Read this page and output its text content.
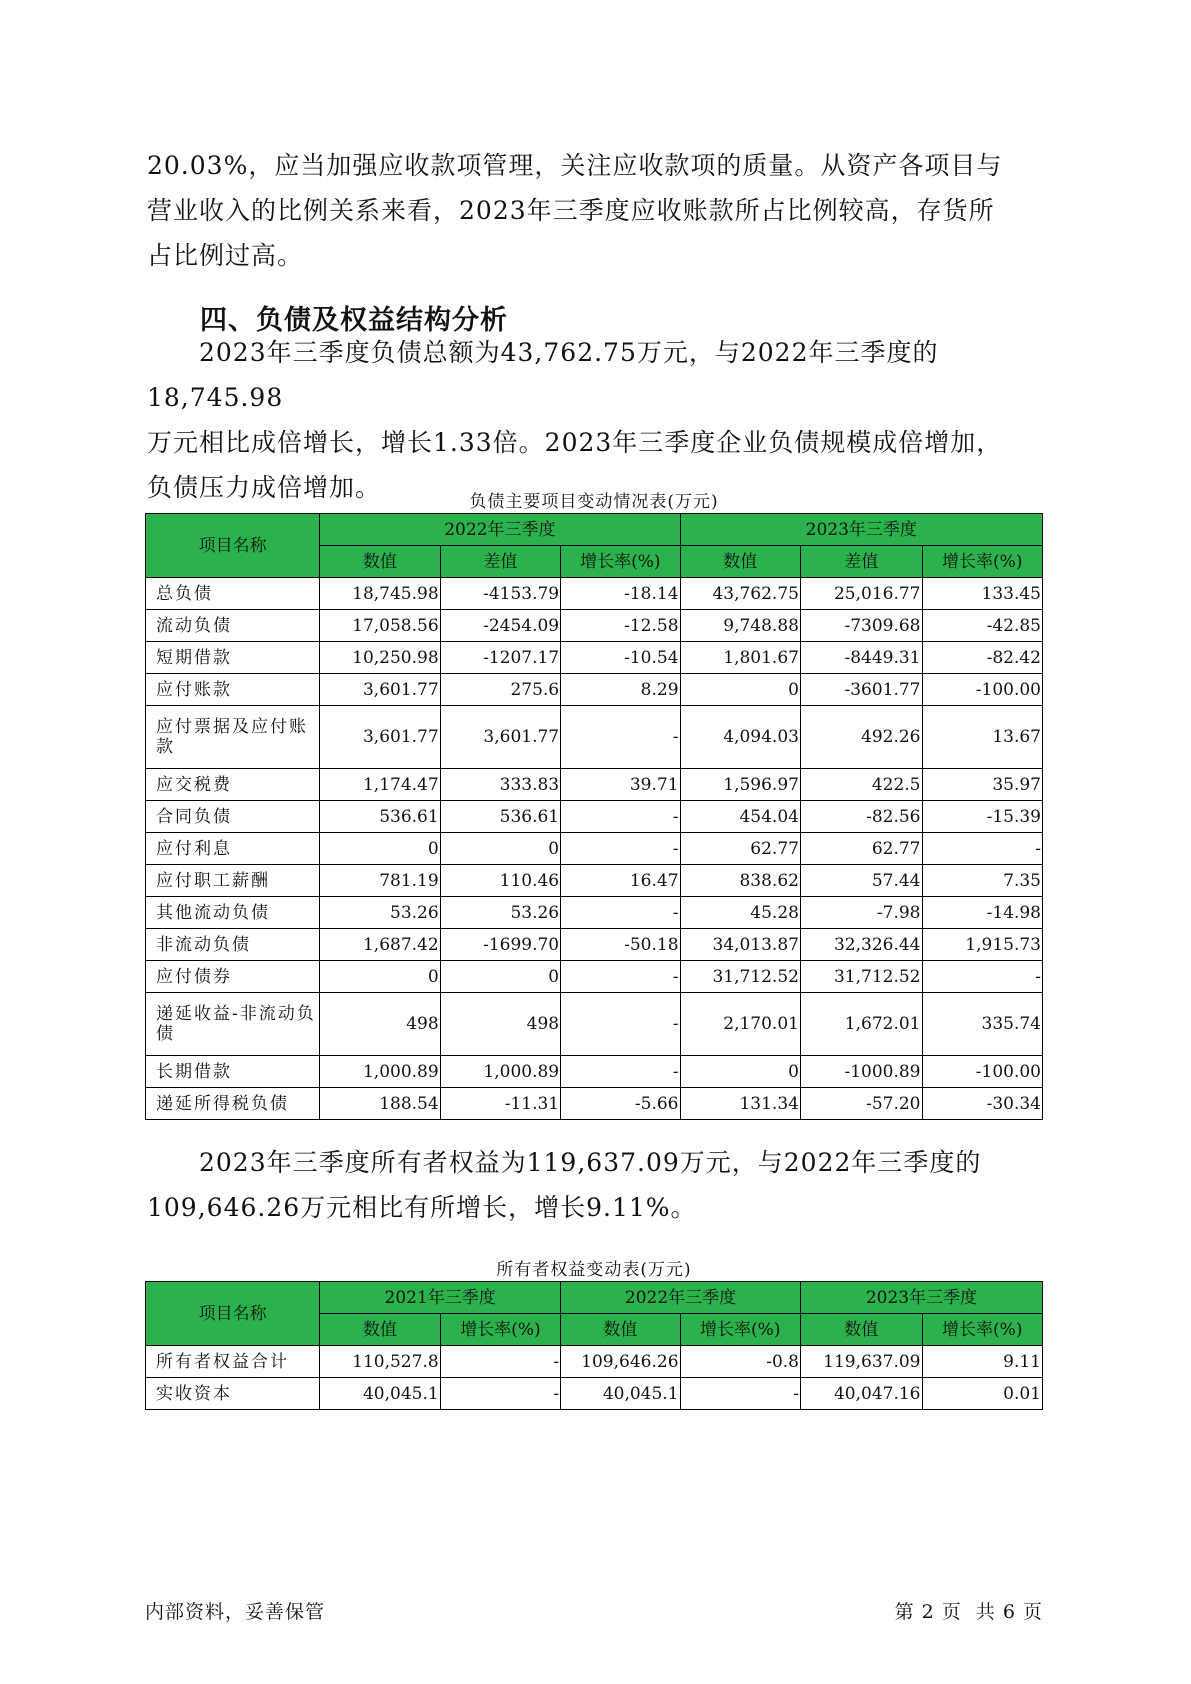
20.03%，应当加强应收款项管理，关注应收款项的质量。从资产各项目与
营业收入的比例关系来看，2023年三季度应收账款所占比例较高，存货所
占比例过高。

四、负债及权益结构分析

2023年三季度负债总额为43,762.75万元，与2022年三季度的18,745.98
万元相比成倍增长，增长1.33倍。2023年三季度企业负债规模成倍增加，
负债压力成倍增加。	负债主要项目变动情况表(万元)
项目名称	2022年三季度			2023年三季度		
	数值	差值	增长率(%)	数值	差值	增长率(%)
总负债	18,745.98	-4153.79	-18.14	43,762.75	25,016.77	133.45
流动负债	17,058.56	-2454.09	-12.58	9,748.88	-7309.68	-42.85
短期借款	10,250.98	-1207.17	-10.54	1,801.67	-8449.31	-82.42
应付账款	3,601.77	275.6	8.29	0	-3601.77	-100.00
应付票据及应付账款	3,601.77	3,601.77	-	4,094.03	492.26	13.67
应交税费	1,174.47	333.83	39.71	1,596.97	422.5	35.97
合同负债	536.61	536.61	-	454.04	-82.56	-15.39
应付利息	0	0	-	62.77	62.77	-
应付职工薪酬	781.19	110.46	16.47	838.62	57.44	7.35
其他流动负债	53.26	53.26	-	45.28	-7.98	-14.98
非流动负债	1,687.42	-1699.70	-50.18	34,013.87	32,326.44	1,915.73
应付债券	0	0	-	31,712.52	31,712.52	-
递延收益-非流动负债	498	498	-	2,170.01	1,672.01	335.74
长期借款	1,000.89	1,000.89	-	0	-1000.89	-100.00
递延所得税负债	188.54	-11.31	-5.66	131.34	-57.20	-30.34

2023年三季度所有者权益为119,637.09万元，与2022年三季度的
109,646.26万元相比有所增长，增长9.11%。

所有者权益变动表(万元)
项目名称	2021年三季度		2022年三季度		2023年三季度	
	数值	增长率(%)	数值	增长率(%)	数值	增长率(%)
所有者权益合计	110,527.8	-	109,646.26	-0.8	119,637.09	9.11
实收资本	40,045.1	-	40,045.1	-	40,047.16	0.01
内部资料，妥善保管	第 2 页  共 6 页
